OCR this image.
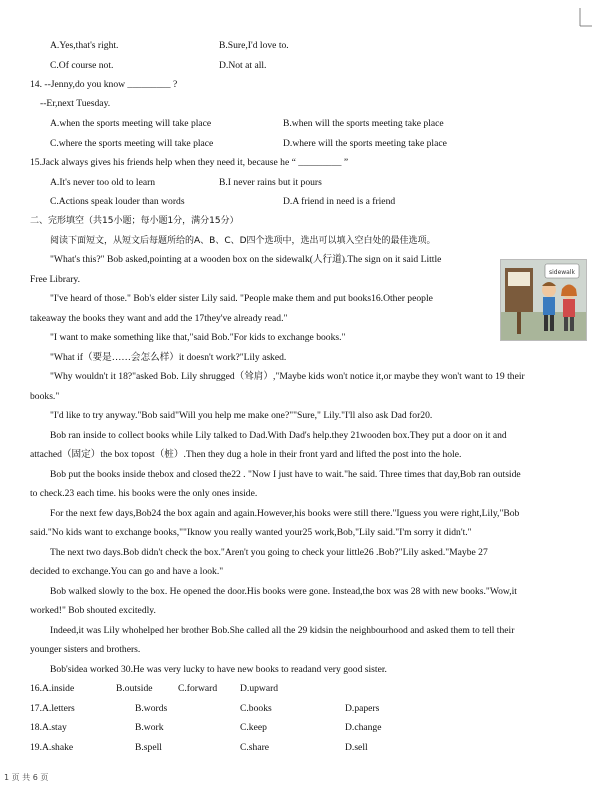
A.Yes,that's right.	B.Sure,I'd love to.
C.Of course not.	D.Not at all.
14. --Jenny,do you know _________ ?
--Er,next Tuesday.
A.when the sports meeting will take place	B.when will the sports meeting take place
C.where the sports meeting will take place	D.where will the sports meeting take place
15.Jack always gives his friends help when they need it, because he “ _________ ”
A.It's never too old to learn	B.I never rains but it pours
C.Actions speak louder than words	D.A friend in need is a friend
二、完形填空（共15小题；每小题1分，满分15分）
阅读下面短文，从短文后每题所给的A、B、C、D四个选项中，选出可以填入空白处的最佳选项。
sidewalk
"What's this?" Bob asked,pointing at a wooden box on the sidewalk(人行道).The sign on it said Little
Free Library.
"I've heard of those." Bob's elder sister Lily said. "People make them and put books16.Other people
takeaway the books they want and add the 17they've already read."
"I want to make something like that,"said Bob."For kids to exchange books."
"What if（要是……会怎么样）it doesn't work?"Lily asked.
"Why wouldn't it 18?"asked Bob. Lily shrugged（耸肩）,"Maybe kids won't notice it,or maybe they won't want to 19 their
books."
"I'd like to try anyway."Bob said"Will you help me make one?""Sure," Lily."I'll also ask Dad for20.
Bob ran inside to collect books while Lily talked to Dad.With Dad's help.they 21wooden box.They put a door on it and
attached（固定）the box topost（桩）.Then they dug a hole in their front yard and lifted the post into the hole.
Bob put the books inside thebox and closed the22 . "Now I just have to wait."he said. Three times that day,Bob ran outside
to check.23 each time. his books were the only ones inside.
For the next few days,Bob24 the box again and again.However,his books were still there."Iguess you were right,Lily,"Bob
said."No kids want to exchange books,""Iknow you really wanted your25 work,Bob,"Lily said."I'm sorry it didn't."
The next two days.Bob didn't check the box."Aren't you going to check your little26 .Bob?"Lily asked."Maybe 27
decided to exchange.You can go and have a look."
Bob walked slowly to the box. He opened the door.His books were gone. Instead,the box was 28 with new books."Wow,it
worked!" Bob shouted excitedly.
Indeed,it was Lily whohelped her brother Bob.She called all the 29 kidsin the neighbourhood and asked them to tell their
younger sisters and brothers.
Bob'sidea worked 30.He was very lucky to have new books to readand very good sister.
16.A.inside	B.outside	C.forward D.upward
17.A.letters	B.words	C.books	D.papers
18.A.stay	B.work	C.keep	D.change
19.A.shake	B.spell	C.share	D.sell
1 页 共 6 页
